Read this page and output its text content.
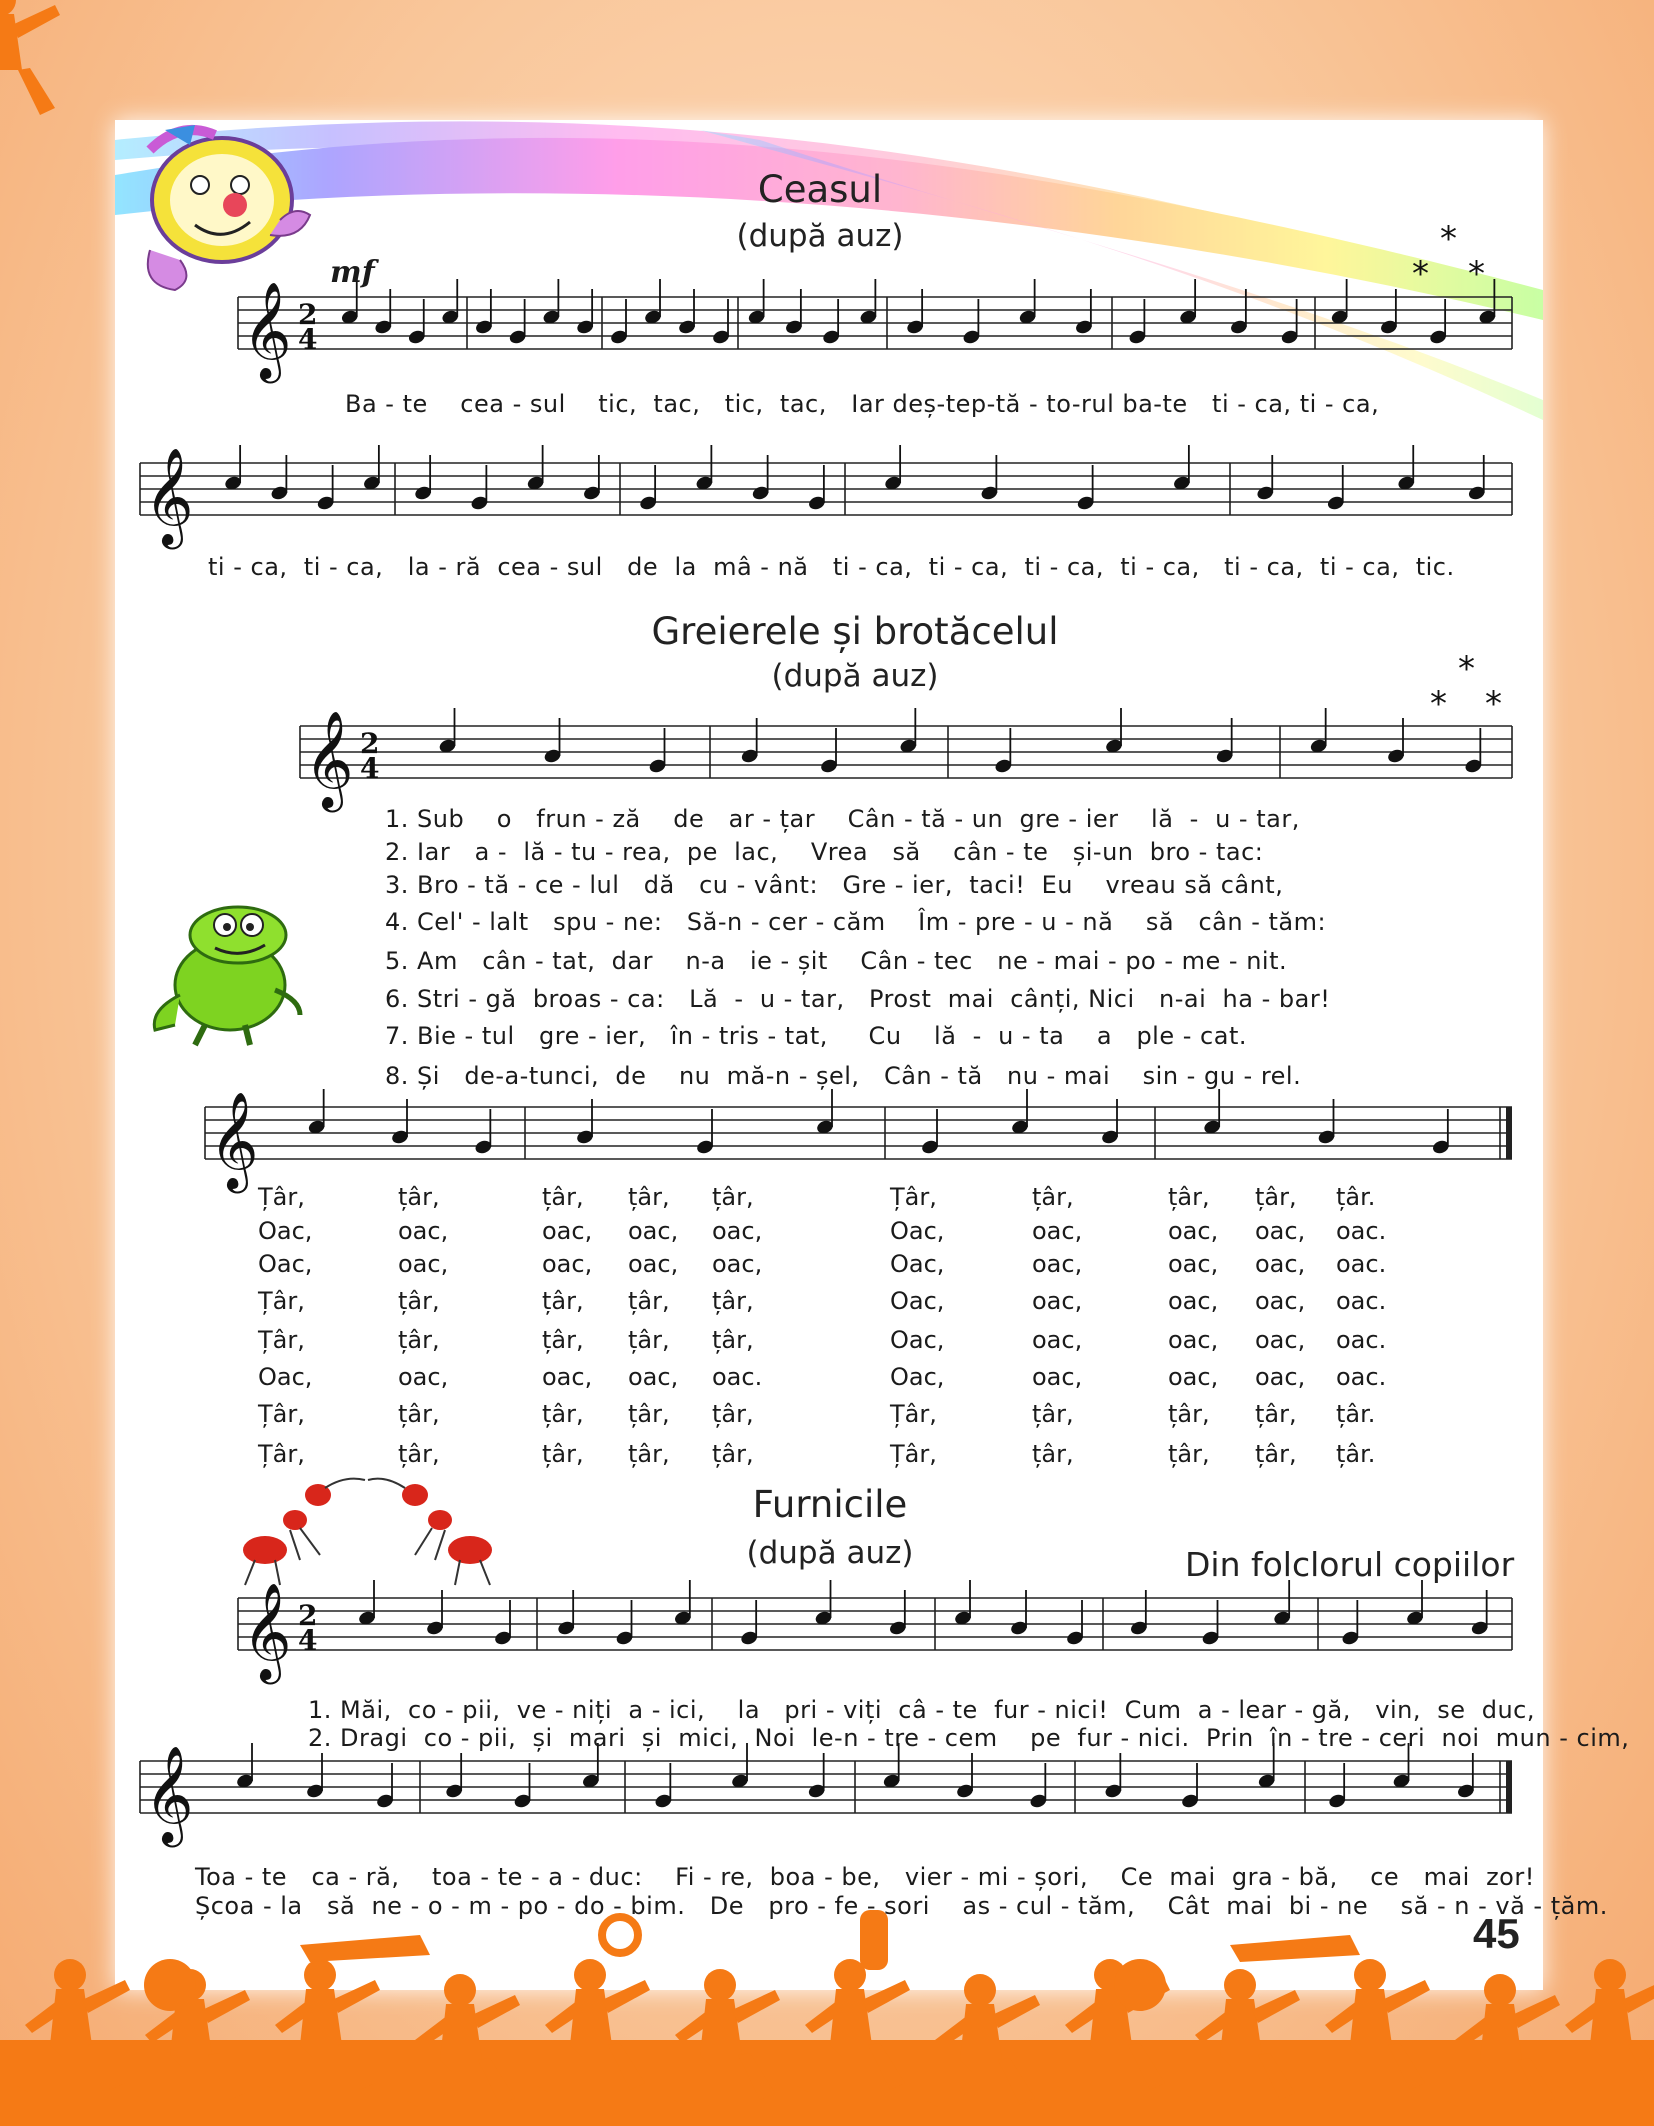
𝄞 2
4
𝄞
𝄞 2
4
𝄞
𝄞 2
4
𝄞
*
* *
*
* *
Ceasul
(după auz)
mf
Ba - te    cea - sul    tic,  tac,   tic,  tac,   Iar deș-tep-tă - to-rul ba-te   ti - ca, ti - ca,
ti - ca,  ti - ca,   la - ră  cea - sul   de  la  mâ - nă   ti - ca,  ti - ca,  ti - ca,  ti - ca,   ti - ca,  ti - ca,  tic.
Greierele și brotăcelul
(după auz)
1. Sub    o   frun - ză    de   ar - țar    Cân - tă - un  gre - ier    lă  -  u - tar,
2. Iar   a -  lă - tu - rea,  pe  lac,    Vrea   să    cân - te   și-un  bro - tac:
3. Bro - tă - ce - lul   dă   cu - vânt:   Gre - ier,  taci!  Eu    vreau să cânt,
4. Cel' - lalt   spu - ne:   Să-n - cer - căm    Îm - pre - u - nă    să   cân - tăm:
5. Am   cân - tat,  dar    n-a   ie - șit    Cân - tec   ne - mai - po - me - nit.
6. Stri - gă  broas - ca:   Lă  -  u - tar,   Prost  mai  cânți, Nici   n-ai  ha - bar!
7. Bie - tul   gre - ier,   în - tris - tat,     Cu    lă  -  u - ta    a   ple - cat.
8. Și   de-a-tunci,  de    nu  mă-n - șel,   Cân - tă   nu - mai    sin - gu - rel.
Țâr,	țâr,	țâr, țâr, țâr,	Țâr,	țâr,	țâr, țâr, țâr.
Oac,	oac,	oac, oac, oac,	Oac,	oac,	oac, oac, oac.
Oac,	oac,	oac, oac, oac,	Oac,	oac,	oac, oac, oac.
Țâr,	țâr,	țâr, țâr, țâr,	Oac,	oac,	oac, oac, oac.
Țâr,	țâr,	țâr, țâr, țâr,	Oac,	oac,	oac, oac, oac.
Oac,	oac,	oac, oac, oac.	Oac,	oac,	oac, oac, oac.
Țâr,	țâr,	țâr, țâr, țâr,	Țâr,	țâr,	țâr, țâr, țâr.
Țâr,	țâr,	țâr, țâr, țâr,	Țâr,	țâr,	țâr, țâr, țâr.
Furnicile
(după auz)	Din folclorul copiilor
1. Măi,  co - pii,  ve - niți  a - ici,    la   pri - viți  câ - te  fur - nici!  Cum  a - lear - gă,   vin,  se  duc,
2. Dragi  co - pii,  și  mari  și  mici,  Noi  le-n - tre - cem    pe  fur - nici.  Prin  în - tre - ceri  noi  mun - cim,
Toa - te   ca - ră,    toa - te - a - duc:    Fi - re,  boa - be,   vier - mi - șori,    Ce  mai  gra - bă,    ce   mai  zor!
Școa - la   să  ne - o - m - po - do - bim.   De   pro - fe - sori    as - cul - tăm,    Cât  mai  bi - ne    să - n - vă - țăm.
45
